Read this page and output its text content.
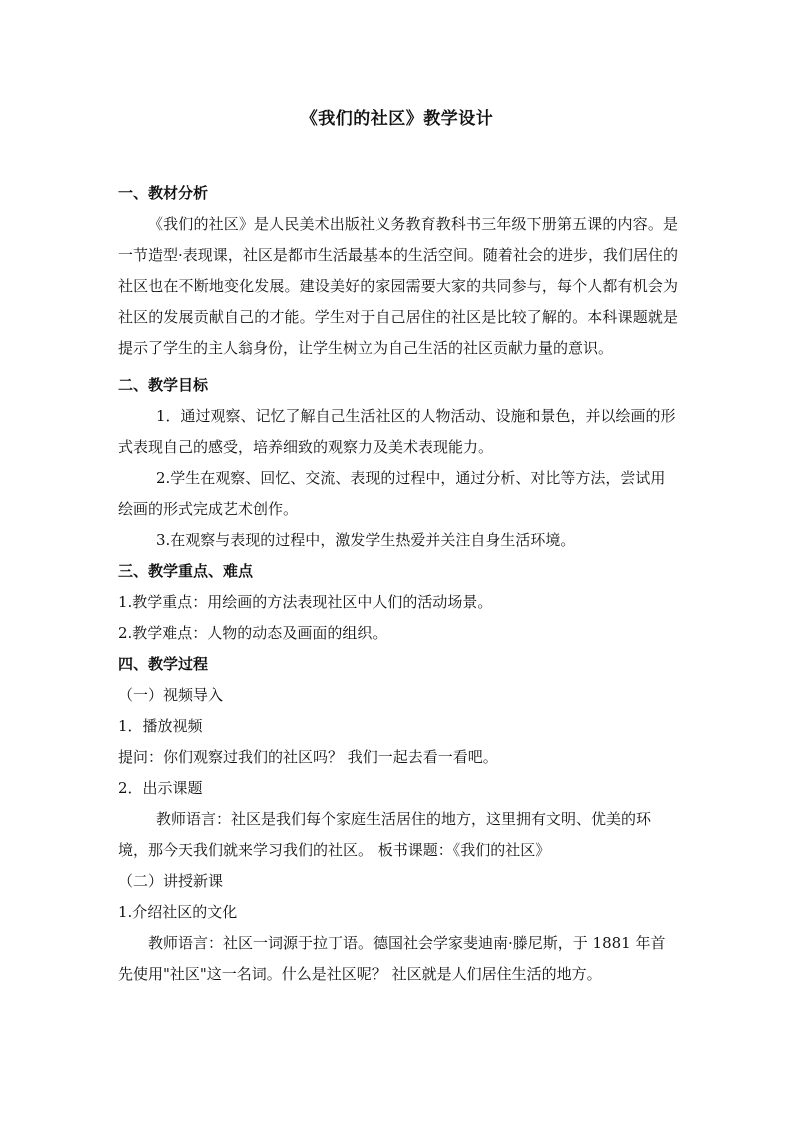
《我们的社区》教学设计

一、教材分析

《我们的社区》是人民美术出版社义务教育教科书三年级下册第五课的内容。是一节造型·表现课，社区是都市生活最基本的生活空间。随着社会的进步，我们居住的社区也在不断地变化发展。建设美好的家园需要大家的共同参与，每个人都有机会为社区的发展贡献自己的才能。学生对于自己居住的社区是比较了解的。本科课题就是提示了学生的主人翁身份，让学生树立为自己生活的社区贡献力量的意识。

二、教学目标

1．通过观察、记忆了解自己生活社区的人物活动、设施和景色，并以绘画的形式表现自己的感受，培养细致的观察力及美术表现能力。

2.学生在观察、回忆、交流、表现的过程中，通过分析、对比等方法，尝试用绘画的形式完成艺术创作。

3.在观察与表现的过程中，激发学生热爱并关注自身生活环境。

三、教学重点、难点

1.教学重点：用绘画的方法表现社区中人们的活动场景。

2.教学难点：人物的动态及画面的组织。

四、教学过程

（一）视频导入

1．播放视频

提问：你们观察过我们的社区吗？ 我们一起去看一看吧。

2．出示课题

教师语言：社区是我们每个家庭生活居住的地方，这里拥有文明、优美的环境，那今天我们就来学习我们的社区。 板书课题：《我们的社区》

（二）讲授新课

1.介绍社区的文化

教师语言：社区一词源于拉丁语。德国社会学家斐迪南·滕尼斯，于 1881 年首先使用"社区"这一名词。什么是社区呢？ 社区就是人们居住生活的地方。
